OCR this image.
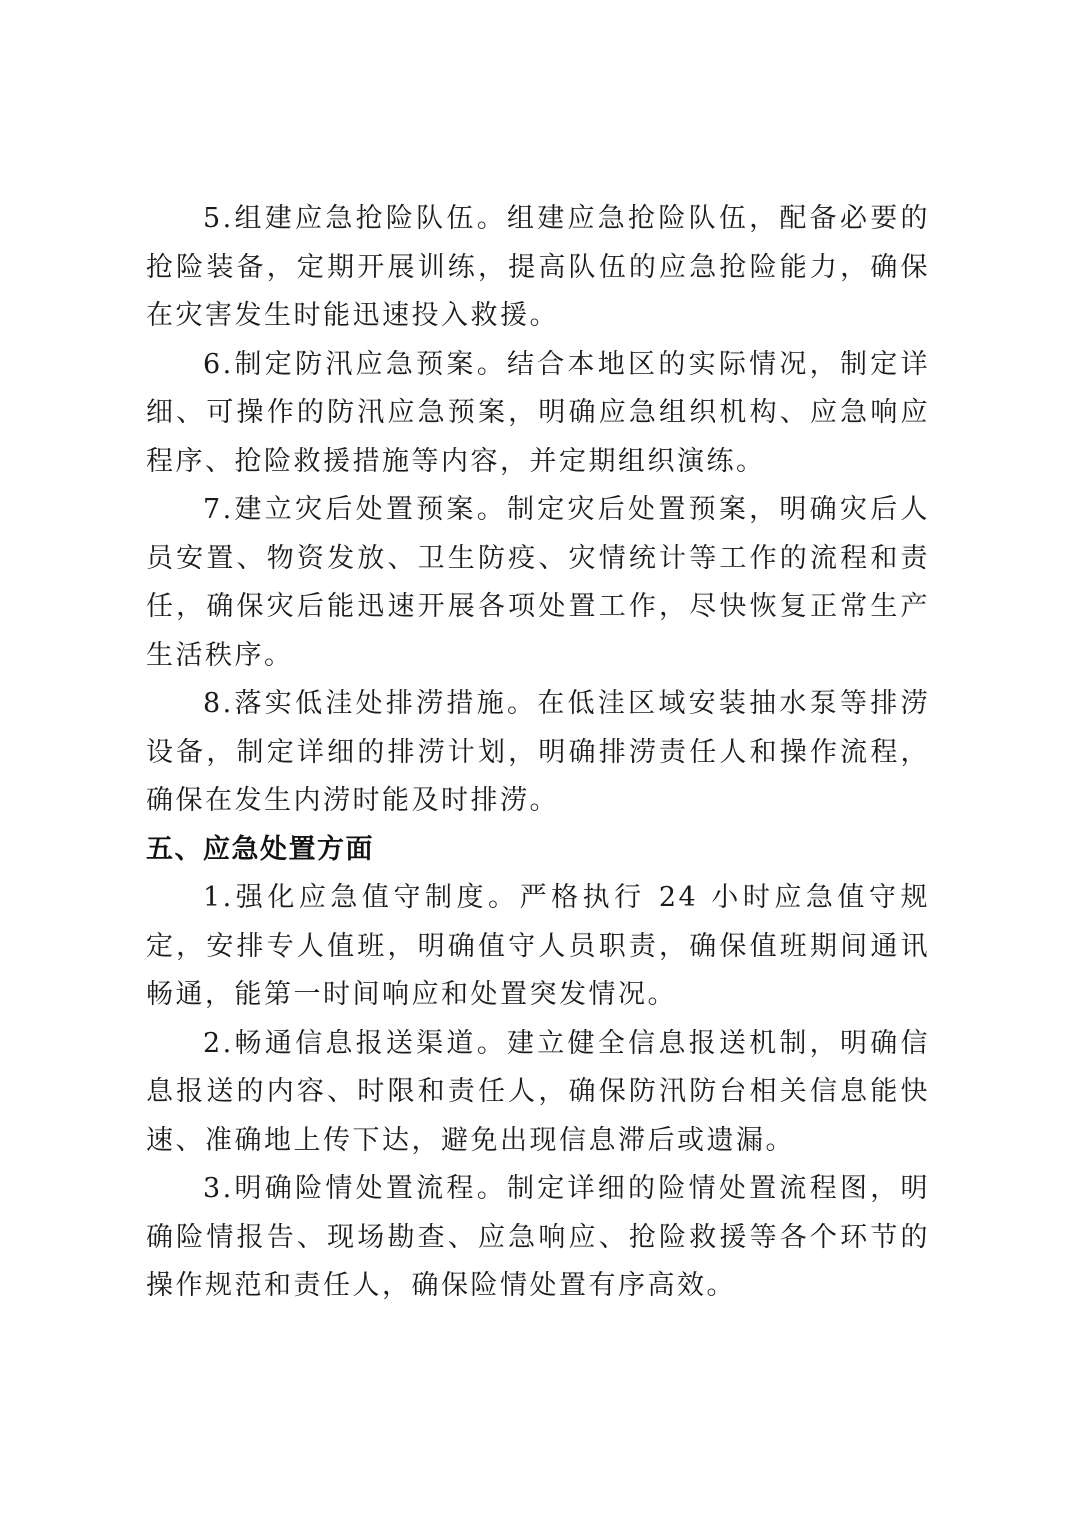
5.组建应急抢险队伍。组建应急抢险队伍，配备必要的抢险装备，定期开展训练，提高队伍的应急抢险能力，确保在灾害发生时能迅速投入救援。

6.制定防汛应急预案。结合本地区的实际情况，制定详细、可操作的防汛应急预案，明确应急组织机构、应急响应程序、抢险救援措施等内容，并定期组织演练。

7.建立灾后处置预案。制定灾后处置预案，明确灾后人员安置、物资发放、卫生防疫、灾情统计等工作的流程和责任，确保灾后能迅速开展各项处置工作，尽快恢复正常生产生活秩序。

8.落实低洼处排涝措施。在低洼区域安装抽水泵等排涝设备，制定详细的排涝计划，明确排涝责任人和操作流程，确保在发生内涝时能及时排涝。

五、应急处置方面

1.强化应急值守制度。严格执行 24 小时应急值守规定，安排专人值班，明确值守人员职责，确保值班期间通讯畅通，能第一时间响应和处置突发情况。

2.畅通信息报送渠道。建立健全信息报送机制，明确信息报送的内容、时限和责任人，确保防汛防台相关信息能快速、准确地上传下达，避免出现信息滞后或遗漏。

3.明确险情处置流程。制定详细的险情处置流程图，明确险情报告、现场勘查、应急响应、抢险救援等各个环节的操作规范和责任人，确保险情处置有序高效。
